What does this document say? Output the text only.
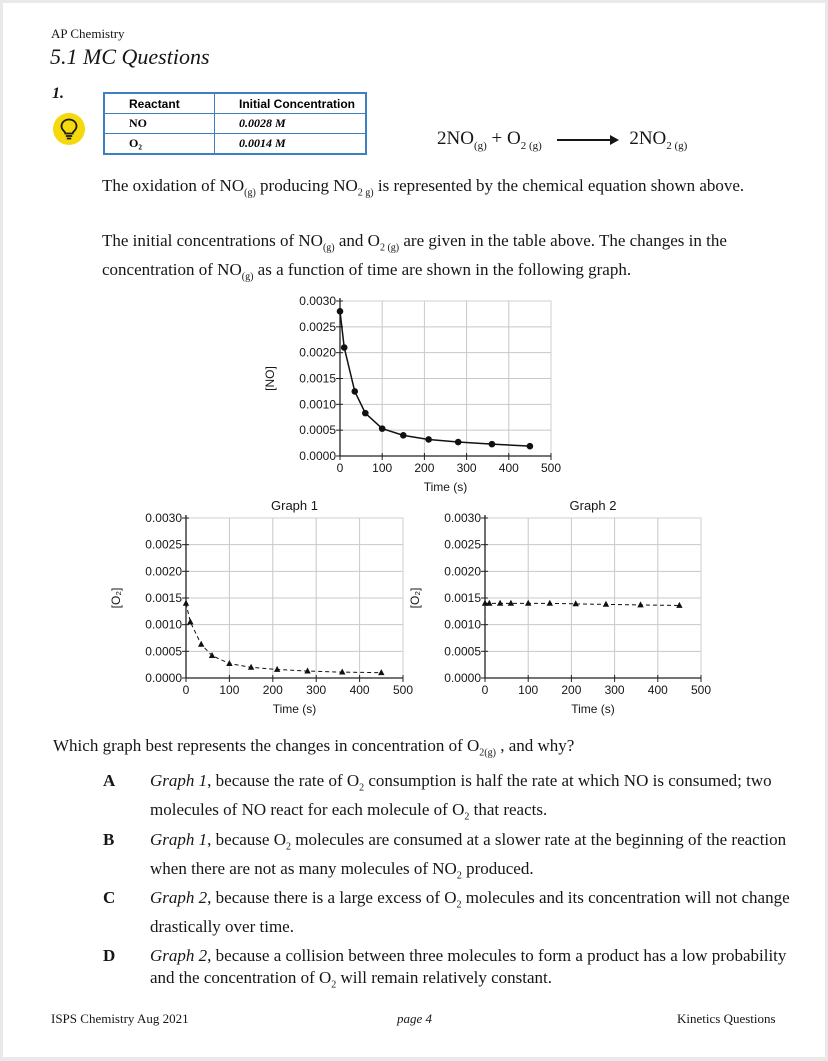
AP Chemistry
5.1 MC Questions
1.
Reactant	Initial Concentration
NO	0.0028 M
O₂	0.0014 M	$2NO_{(g)} + O_{2 (g)} \to 2NO_{2 (g)}$
The oxidation of $NO_{(g)}$ producing $NO_{2 g)}$ is represented by the chemical equation shown above.
The initial concentrations of $NO_{(g)}$ and $O_{2 (g)}$ are given in the table above. The changes in the concentration of $NO_{(g)}$ as a function of time are shown in the following graph.
0.0000
0.0005
0.0010
0.0015
0.0020
0.0025
0.0030
0 100 200 300 400 500
Time (s)
[NO]
0.0000
0.0005
0.0010
0.0015
0.0020
0.0025
0.0030
0	100 200 300 400 500
Time (s)
[O₂]
Graph 1
0.0000
0.0005
0.0010
0.0015
0.0020
0.0025
0.0030
0 100 200 300 400 500
Time (s)
[O₂]
Graph 2
Which graph best represents the changes in concentration of $O_{2(g)}$ , and why?
A Graph 1, because the rate of $O_2$ consumption is half the rate at which NO is consumed; two molecules of NO react for each molecule of $O_2$ that reacts.
B Graph 1, because $O_2$ molecules are consumed at a slower rate at the beginning of the reaction when there are not as many molecules of $NO_2$ produced.
C Graph 2, because there is a large excess of $O_2$ molecules and its concentration will not change drastically over time.
D Graph 2, because a collision between three molecules to form a product has a low probability and the concentration of $O_2$ will remain relatively constant.
ISPS Chemistry Aug 2021	page 4	Kinetics Questions
